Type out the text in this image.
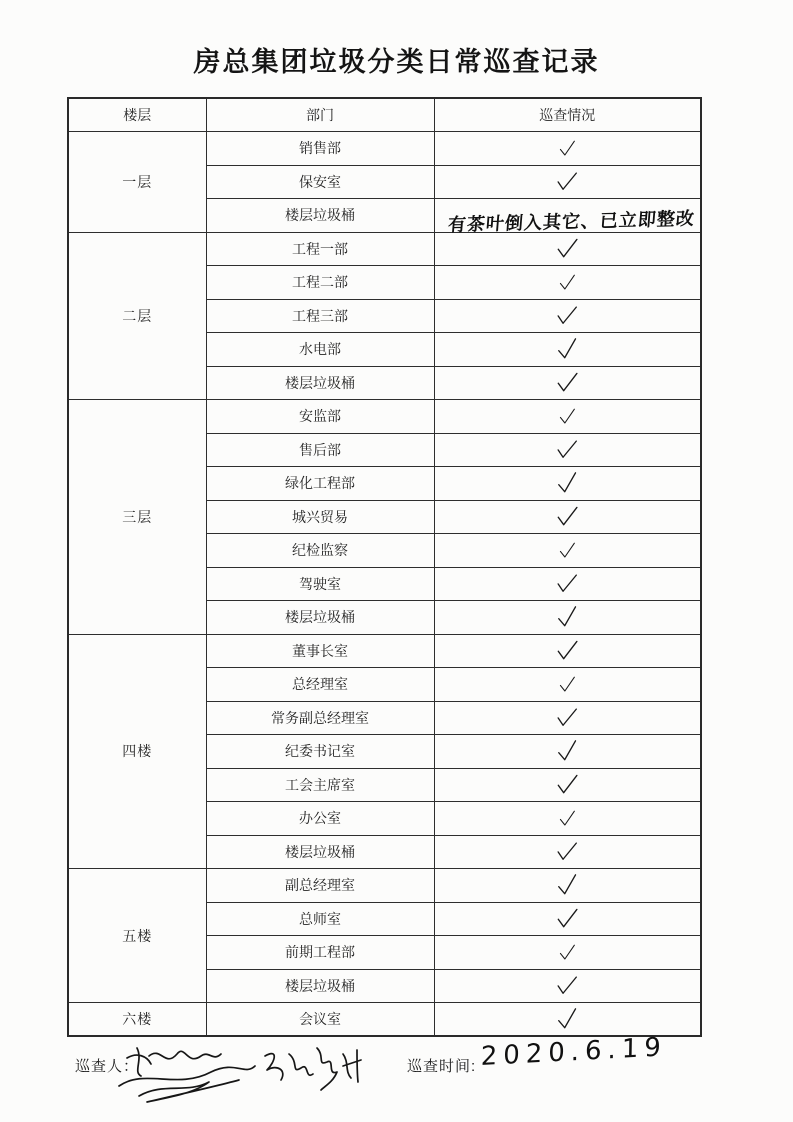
房总集团垃圾分类日常巡查记录
楼层	部门	巡查情况
一层	销售部	
	保安室	
	楼层垃圾桶	有茶叶倒入其它、已立即整改

二层	工程一部	
	工程二部	
	工程三部	
	水电部	
	楼层垃圾桶	
三层	安监部	
	售后部	
	绿化工程部	
	城兴贸易	
	纪检监察	
	驾驶室	
	楼层垃圾桶	
四楼	董事长室	
	总经理室	
	常务副总经理室	
	纪委书记室	
	工会主席室	
	办公室	
	楼层垃圾桶	
五楼	副总经理室	
	总师室	
	前期工程部	
	楼层垃圾桶	
六楼	会议室	
巡查人：	巡查时间: 2020.6.19
